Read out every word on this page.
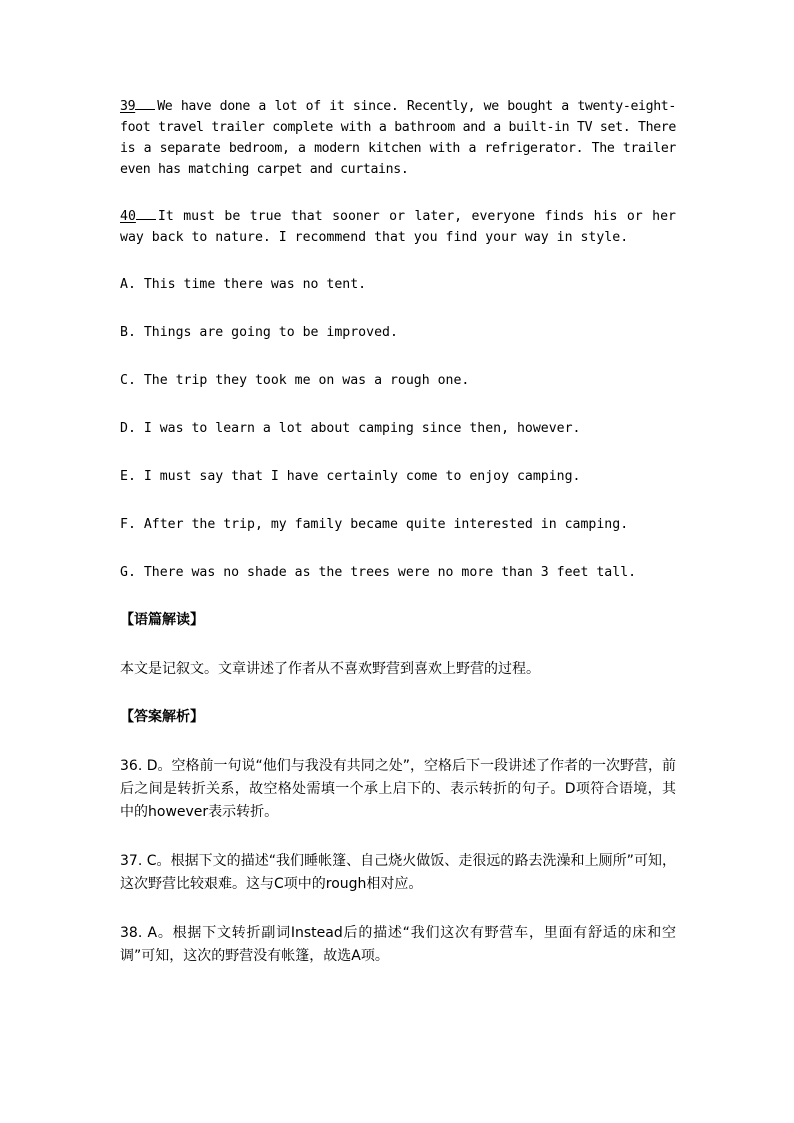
39 We have done a lot of it since. Recently, we bought a twenty-eight-foot travel trailer complete with a bathroom and a built-in TV set. There is a separate bedroom, a modern kitchen with a refrigerator. The trailer even has matching carpet and curtains.

40 It must be true that sooner or later, everyone finds his or her way back to nature. I recommend that you find your way in style.

A. This time there was no tent.

B. Things are going to be improved.

C. The trip they took me on was a rough one.

D. I was to learn a lot about camping since then, however.

E. I must say that I have certainly come to enjoy camping.

F. After the trip, my family became quite interested in camping.

G. There was no shade as the trees were no more than 3 feet tall.

【语篇解读】

本文是记叙文。文章讲述了作者从不喜欢野营到喜欢上野营的过程。

【答案解析】

36. D。空格前一句说“他们与我没有共同之处”，空格后下一段讲述了作者的一次野营，前后之间是转折关系，故空格处需填一个承上启下的、表示转折的句子。D项符合语境，其中的however表示转折。

37. C。根据下文的描述“我们睡帐篷、自己烧火做饭、走很远的路去洗澡和上厕所”可知，这次野营比较艰难。这与C项中的rough相对应。

38. A。根据下文转折副词Instead后的描述“我们这次有野营车，里面有舒适的床和空调”可知，这次的野营没有帐篷，故选A项。
